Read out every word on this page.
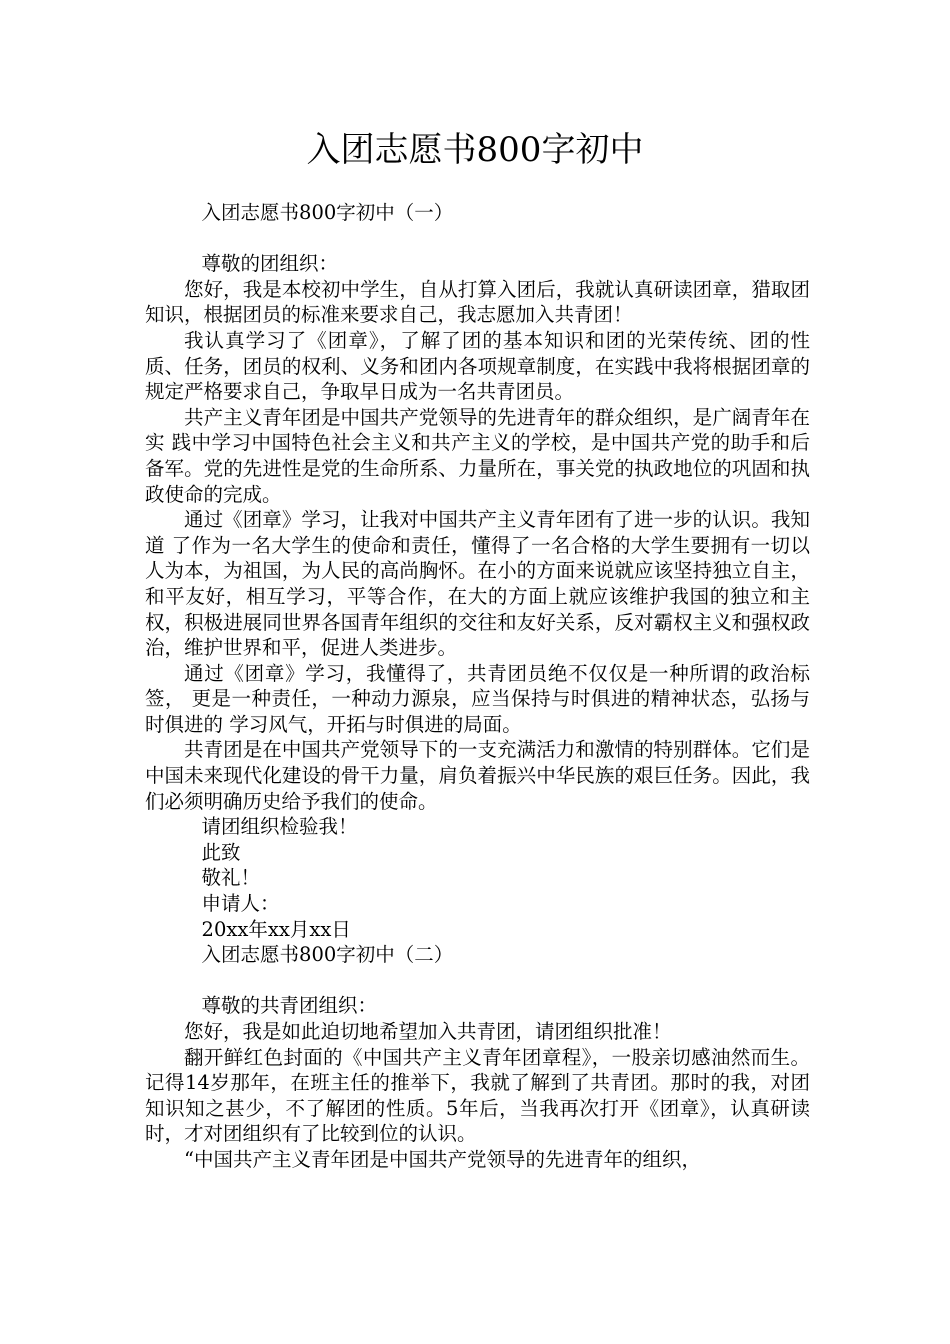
入团志愿书800字初中

入团志愿书800字初中（一）

尊敬的团组织：

您好，我是本校初中学生，自从打算入团后，我就认真研读团章，猎取团知识，根据团员的标准来要求自己，我志愿加入共青团！

我认真学习了《团章》，了解了团的基本知识和团的光荣传统、团的性质、任务，团员的权利、义务和团内各项规章制度，在实践中我将根据团章的规定严格要求自己，争取早日成为一名共青团员。

共产主义青年团是中国共产党领导的先进青年的群众组织，是广阔青年在实 践中学习中国特色社会主义和共产主义的学校，是中国共产党的助手和后备军。党的先进性是党的生命所系、力量所在，事关党的执政地位的巩固和执政使命的完成。

通过《团章》学习，让我对中国共产主义青年团有了进一步的认识。我知道 了作为一名大学生的使命和责任，懂得了一名合格的大学生要拥有一切以人为本，为祖国，为人民的高尚胸怀。在小的方面来说就应该坚持独立自主，和平友好，相互学习，平等合作，在大的方面上就应该维护我国的独立和主权，积极进展同世界各国青年组织的交往和友好关系，反对霸权主义和强权政治，维护世界和平，促进人类进步。

通过《团章》学习，我懂得了，共青团员绝不仅仅是一种所谓的政治标签， 更是一种责任，一种动力源泉，应当保持与时俱进的精神状态，弘扬与时俱进的 学习风气，开拓与时俱进的局面。

共青团是在中国共产党领导下的一支充满活力和激情的特别群体。它们是中国未来现代化建设的骨干力量，肩负着振兴中华民族的艰巨任务。因此，我们必须明确历史给予我们的使命。

请团组织检验我！

此致

敬礼！

申请人：

20xx年xx月xx日

入团志愿书800字初中（二）

尊敬的共青团组织：

您好，我是如此迫切地希望加入共青团，请团组织批准！

翻开鲜红色封面的《中国共产主义青年团章程》，一股亲切感油然而生。记得14岁那年，在班主任的推举下，我就了解到了共青团。那时的我，对团知识知之甚少，不了解团的性质。5年后，当我再次打开《团章》，认真研读时，才对团组织有了比较到位的认识。

“中国共产主义青年团是中国共产党领导的先进青年的组织，
